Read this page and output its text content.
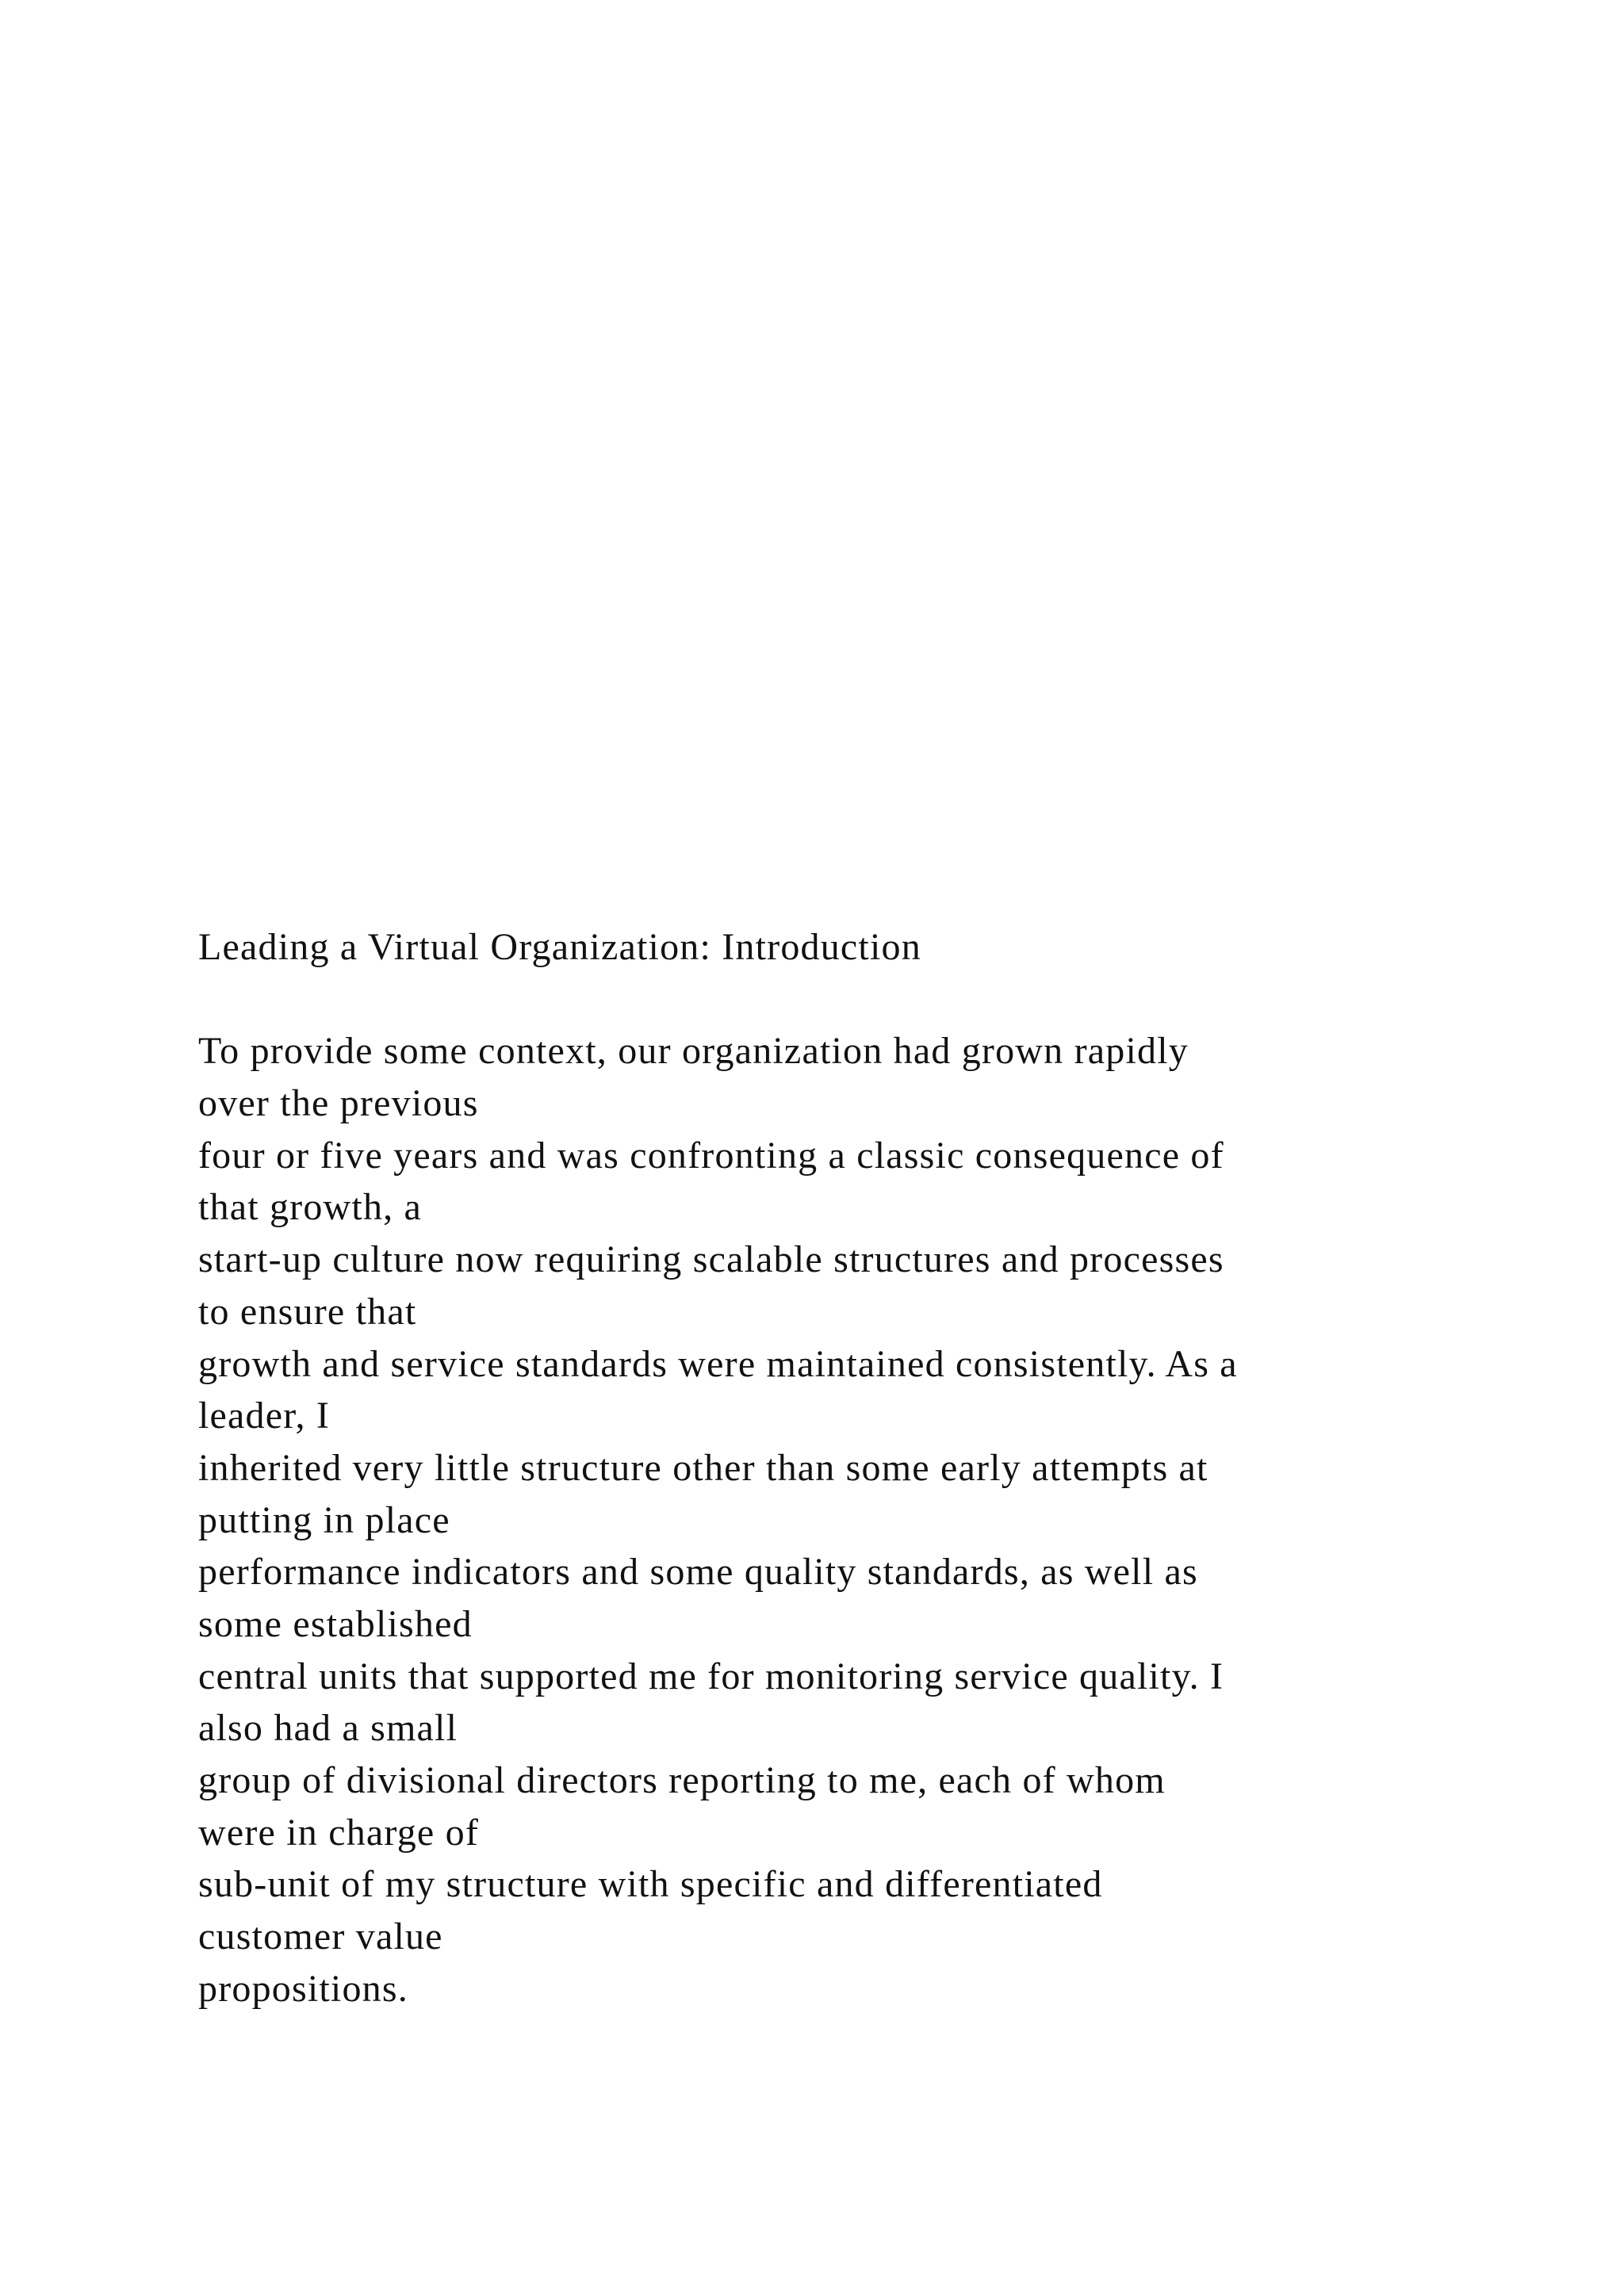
Leading a Virtual Organization: Introduction
To provide some context, our organization had grown rapidly
over the previous
four or five years and was confronting a classic consequence of
that growth, a
start-up culture now requiring scalable structures and processes
to ensure that
growth and service standards were maintained consistently. As a
leader, I
inherited very little structure other than some early attempts at
putting in place
performance indicators and some quality standards, as well as
some established
central units that supported me for monitoring service quality. I
also had a small
group of divisional directors reporting to me, each of whom
were in charge of
sub-unit of my structure with specific and differentiated
customer value
propositions.
